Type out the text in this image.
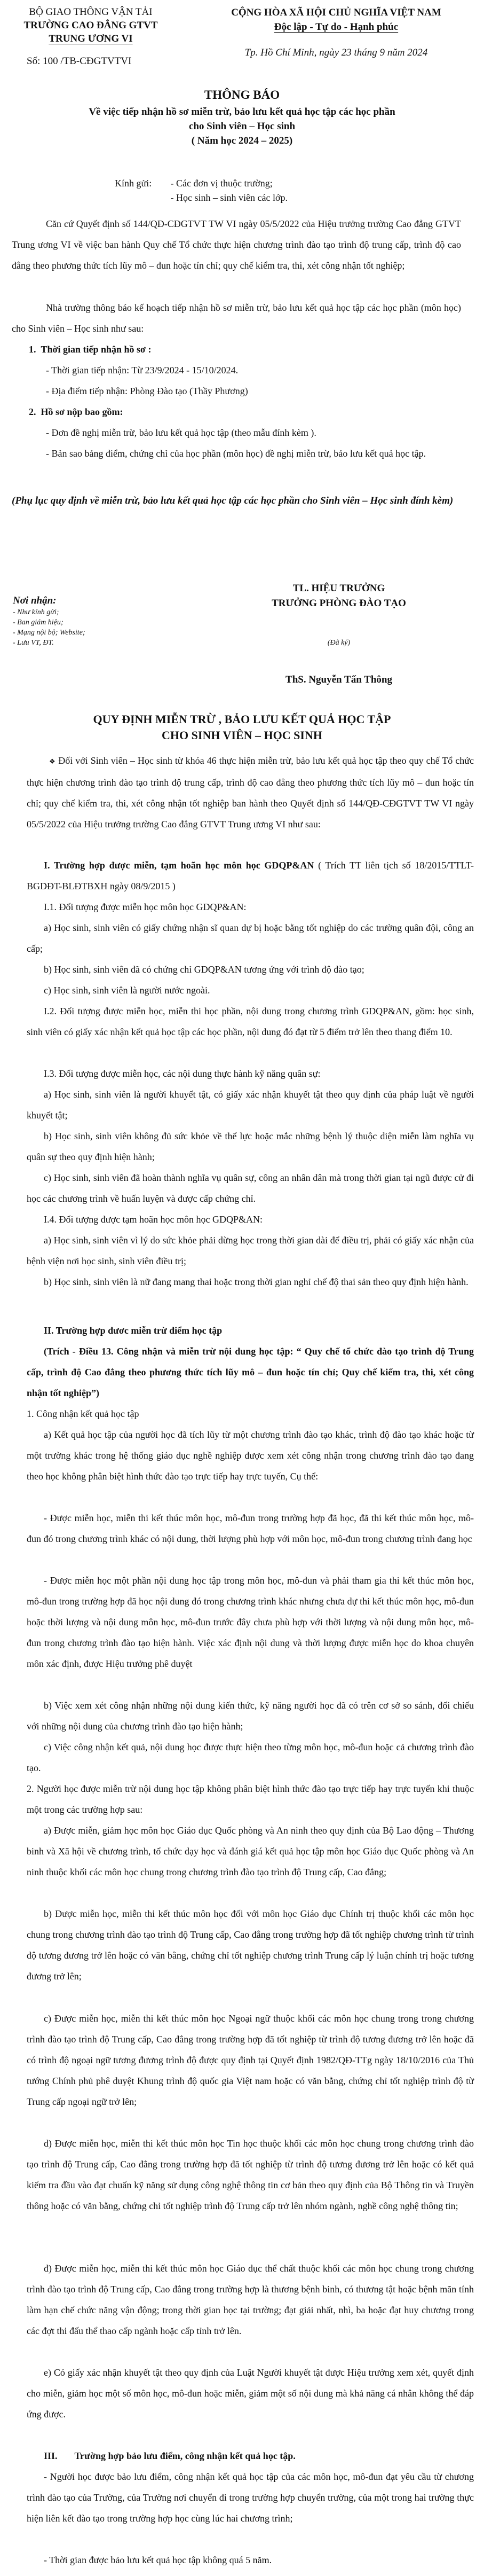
BỘ GIAO THÔNG VẬN TẢI
TRƯỜNG CAO ĐẲNG GTVT
TRUNG ƯƠNG VI
Số: 100 /TB-CĐGTVTVI
CỘNG HÒA XÃ HỘI CHỦ NGHĨA VIỆT NAM
Độc lập - Tự do - Hạnh phúc
Tp. Hồ Chí Minh, ngày 23 tháng 9 năm 2024
THÔNG BÁO
Về việc tiếp nhận hồ sơ miễn trừ, bảo lưu kết quả học tập các học phần
cho Sinh viên – Học sinh
( Năm học 2024 – 2025)
Kính gửi: - Các đơn vị thuộc trường;
- Học sinh – sinh viên các lớp.
Căn cứ Quyết định số 144/QĐ-CĐGTVT TW VI ngày 05/5/2022 của Hiệu trưởng trường Cao đẳng GTVT Trung ương VI về việc ban hành Quy chế Tổ chức thực hiện chương trình đào tạo trình độ trung cấp, trình độ cao đẳng theo phương thức tích lũy mô – đun hoặc tín chỉ; quy chế kiểm tra, thi, xét công nhận tốt nghiệp;
Nhà trường thông báo kế hoạch tiếp nhận hồ sơ miễn trừ, bảo lưu kết quả học tập các học phần (môn học) cho Sinh viên – Học sinh như sau:
1. Thời gian tiếp nhận hồ sơ :
- Thời gian tiếp nhận: Từ 23/9/2024 - 15/10/2024.
- Địa điểm tiếp nhận: Phòng Đào tạo (Thầy Phương)
2. Hồ sơ nộp bao gồm:
- Đơn đề nghị miễn trừ, bảo lưu kết quả học tập (theo mẫu đính kèm ).
- Bản sao bảng điểm, chứng chỉ của học phần (môn học) đề nghị miễn trừ, bảo lưu kết quả học tập.
(Phụ lục quy định về miễn trừ, bảo lưu kết quả học tập các học phần cho Sinh viên – Học sinh đính kèm)
Nơi nhận:
- Như kính gửi;
- Ban giám hiệu;
- Mạng nội bộ; Website;
- Lưu VT, ĐT.
TL. HIỆU TRƯỞNG
TRƯỞNG PHÒNG ĐÀO TẠO
(Đã ký)
ThS. Nguyễn Tấn Thông
QUY ĐỊNH MIỄN TRỪ , BẢO LƯU KẾT QUẢ HỌC TẬP
CHO SINH VIÊN – HỌC SINH
❖ Đối với Sinh viên – Học sinh từ khóa 46 thực hiện miễn trừ, bảo lưu kết quả học tập theo quy chế Tổ chức thực hiện chương trình đào tạo trình độ trung cấp, trình độ cao đẳng theo phương thức tích lũy mô – đun hoặc tín chỉ; quy chế kiểm tra, thi, xét công nhận tốt nghiệp ban hành theo Quyết định số 144/QĐ-CĐGTVT TW VI ngày 05/5/2022 của Hiệu trưởng trường Cao đẳng GTVT Trung ương VI như sau:
I. Trường hợp được miễn, tạm hoãn học môn học GDQP&AN ( Trích TT liên tịch số 18/2015/TTLT-BGDĐT-BLĐTBXH ngày 08/9/2015 )
I.1. Đối tượng được miễn học môn học GDQP&AN:
a) Học sinh, sinh viên có giấy chứng nhận sĩ quan dự bị hoặc bằng tốt nghiệp do các trường quân đội, công an cấp;
b) Học sinh, sinh viên đã có chứng chỉ GDQP&AN tương ứng với trình độ đào tạo;
c) Học sinh, sinh viên là người nước ngoài.
I.2. Đối tượng được miễn học, miễn thi học phần, nội dung trong chương trình GDQP&AN, gồm: học sinh, sinh viên có giấy xác nhận kết quả học tập các học phần, nội dung đó đạt từ 5 điểm trở lên theo thang điểm 10.
I.3. Đối tượng được miễn học, các nội dung thực hành kỹ năng quân sự:
a) Học sinh, sinh viên là người khuyết tật, có giấy xác nhận khuyết tật theo quy định của pháp luật về người khuyết tật;
b) Học sinh, sinh viên không đủ sức khỏe về thể lực hoặc mắc những bệnh lý thuộc diện miễn làm nghĩa vụ quân sự theo quy định hiện hành;
c) Học sinh, sinh viên đã hoàn thành nghĩa vụ quân sự, công an nhân dân mà trong thời gian tại ngũ được cử đi học các chương trình về huấn luyện và được cấp chứng chỉ.
I.4. Đối tượng được tạm hoãn học môn học GDQP&AN:
a) Học sinh, sinh viên vì lý do sức khỏe phải dừng học trong thời gian dài để điều trị, phải có giấy xác nhận của bệnh viện nơi học sinh, sinh viên điều trị;
b) Học sinh, sinh viên là nữ đang mang thai hoặc trong thời gian nghỉ chế độ thai sản theo quy định hiện hành.
II. Trường hợp đươc miễn trừ điểm học tập
(Trích - Điều 13. Công nhận và miễn trừ nội dung học tập: “ Quy chế tổ chức đào tạo trình độ Trung cấp, trình độ Cao đẳng theo phương thức tích lũy mô – đun hoặc tín chỉ; Quy chế kiểm tra, thi, xét công nhận tốt nghiệp”)
1. Công nhận kết quả học tập
a) Kết quả học tập của người học đã tích lũy từ một chương trình đào tạo khác, trình độ đào tạo khác hoặc từ một trường khác trong hệ thống giáo dục nghề nghiệp được xem xét công nhận trong chương trình đào tạo đang theo học không phân biệt hình thức đào tạo trực tiếp hay trực tuyến, Cụ thể:
- Được miễn học, miễn thi kết thúc môn học, mô-đun trong trường hợp đã học, đã thi kết thúc môn học, mô-đun đó trong chương trình khác có nội dung, thời lượng phù hợp với môn học, mô-đun trong chương trình đang học
- Được miễn học một phần nội dung học tập trong môn học, mô-đun và phải tham gia thi kết thúc môn học, mô-đun trong trường hợp đã học nội dung đó trong chương trình khác nhưng chưa dự thi kết thúc môn học, mô-đun hoặc thời lượng và nội dung môn học, mô-đun trước đây chưa phù hợp với thời lượng và nội dung môn học, mô-đun trong chương trình đào tạo hiện hành. Việc xác định nội dung và thời lượng được miễn học do khoa chuyên môn xác định, được Hiệu trưởng phê duyệt
b) Việc xem xét công nhận những nội dung kiến thức, kỹ năng người học đã có trên cơ sở so sánh, đối chiếu với những nội dung của chương trình đào tạo hiện hành;
c) Việc công nhận kết quả, nội dung học được thực hiện theo từng môn học, mô-đun hoặc cả chương trình đào tạo.
2. Người học được miễn trừ nội dung học tập không phân biệt hình thức đào tạo trực tiếp hay trực tuyến khi thuộc một trong các trường hợp sau:
a) Được miễn, giảm học môn học Giáo dục Quốc phòng và An ninh theo quy định của Bộ Lao động – Thương binh và Xã hội về chương trình, tổ chức dạy học và đánh giá kết quả học tập môn học Giáo dục Quốc phòng và An ninh thuộc khối các môn học chung trong chương trình đào tạo trình độ Trung cấp, Cao đẳng;
b) Được miễn học, miễn thi kết thúc môn học đối với môn học Giáo dục Chính trị thuộc khối các môn học chung trong chương trình đào tạo trình độ Trung cấp, Cao đẳng trong trường hợp đã tốt nghiệp chương trình từ trình độ tương đương trở lên hoặc có văn bằng, chứng chỉ tốt nghiệp chương trình Trung cấp lý luận chính trị hoặc tương đương trở lên;
c) Được miễn học, miễn thi kết thúc môn học Ngoại ngữ thuộc khối các môn học chung trong trong chương trình đào tạo trình độ Trung cấp, Cao đẳng trong trường hợp đã tốt nghiệp từ trình độ tương đương trở lên hoặc đã có trình độ ngoại ngữ tương đương trình độ được quy định tại Quyết định 1982/QĐ-TTg ngày 18/10/2016 của Thủ tướng Chính phủ phê duyệt Khung trình độ quốc gia Việt nam hoặc có văn bằng, chứng chỉ tốt nghiệp trình độ từ Trung cấp ngoại ngữ trở lên;
d) Được miễn học, miễn thi kết thúc môn học Tin học thuộc khối các môn học chung trong chương trình đào tạo trình độ Trung cấp, Cao đẳng trong trường hợp đã tốt nghiệp từ trình độ tương đương trở lên hoặc có kết quả kiểm tra đầu vào đạt chuẩn kỹ năng sử dụng công nghệ thông tin cơ bản theo quy định của Bộ Thông tin và Truyền thông hoặc có văn bằng, chứng chỉ tốt nghiệp trình độ Trung cấp trở lên nhóm ngành, nghề công nghệ thông tin;
đ) Được miễn học, miễn thi kết thúc môn học Giáo dục thể chất thuộc khối các môn học chung trong chương trình đào tạo trình độ Trung cấp, Cao đẳng trong trường hợp là thương bệnh binh, có thương tật hoặc bệnh mãn tính làm hạn chế chức năng vận động; trong thời gian học tại trường; đạt giải nhất, nhì, ba hoặc đạt huy chương trong các đợt thi đấu thể thao cấp ngành hoặc cấp tỉnh trở lên.
e) Có giấy xác nhận khuyết tật theo quy định của Luật Người khuyết tật được Hiệu trưởng xem xét, quyết định cho miễn, giảm học một số môn học, mô-đun hoặc miễn, giảm một số nội dung mà khả năng cá nhân không thể đáp ứng được.
III. Trường hợp bảo lưu điểm, công nhận kết quả học tập.
- Người học được bảo lưu điểm, công nhận kết quả học tập của các môn học, mô-đun đạt yêu cầu từ chương trình đào tạo của Trường, của Trường nơi chuyển đi trong trường hợp chuyển trường, của một trong hai trường thực hiện liên kết đào tạo trong trường hợp học cùng lúc hai chương trình;
- Thời gian được bảo lưu kết quả học tập không quá 5 năm.
